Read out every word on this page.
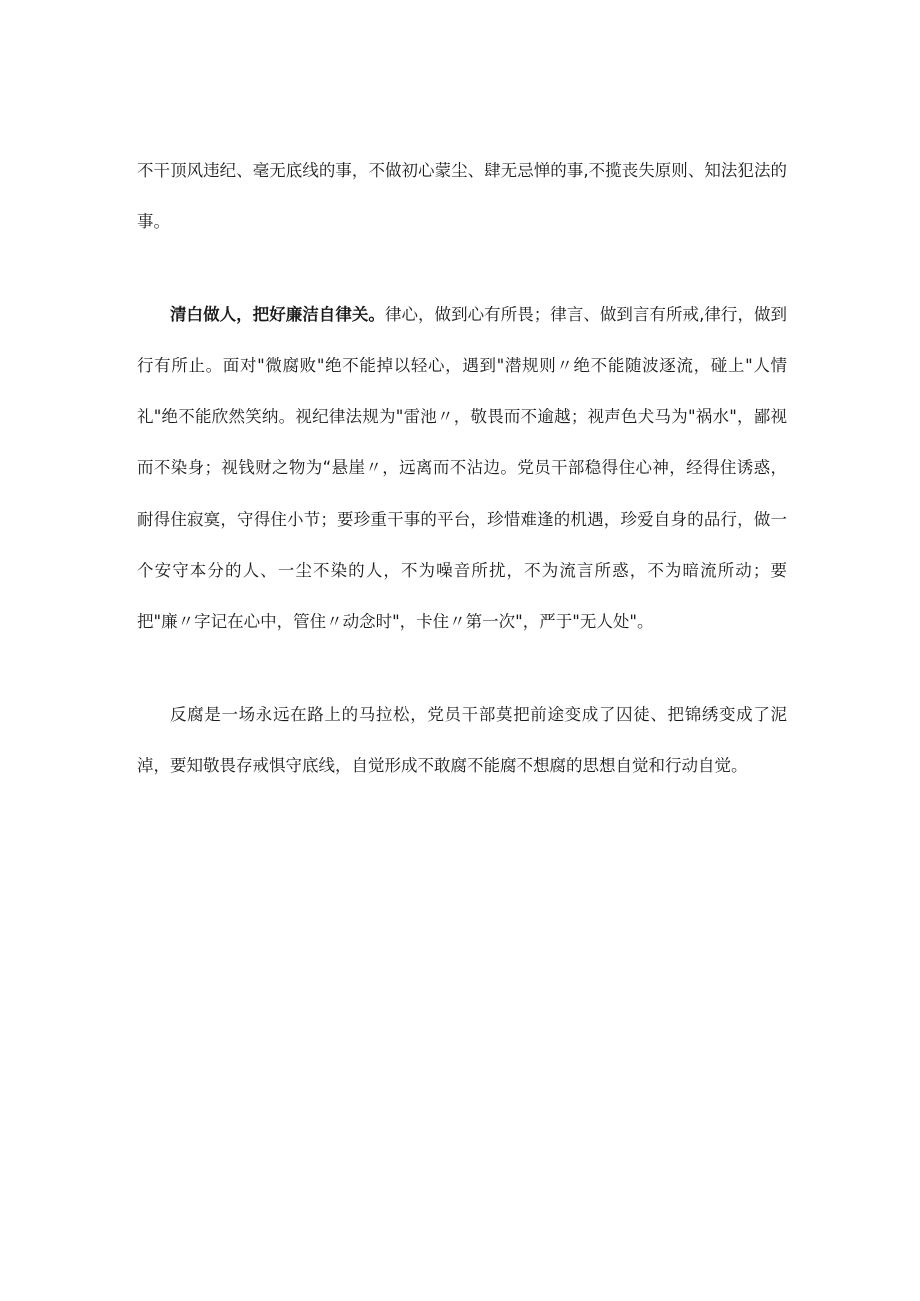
不干顶风违纪、毫无底线的事，不做初心蒙尘、肆无忌惮的事,不揽丧失原则、知法犯法的事。

清白做人，把好廉洁自律关。律心，做到心有所畏；律言、做到言有所戒,律行，做到行有所止。面对"微腐败"绝不能掉以轻心，遇到"潜规则〃绝不能随波逐流，碰上"人情礼"绝不能欣然笑纳。视纪律法规为"雷池〃，敬畏而不逾越；视声色犬马为"祸水"，鄙视而不染身；视钱财之物为“悬崖〃，远离而不沾边。党员干部稳得住心神，经得住诱惑，耐得住寂寞，守得住小节；要珍重干事的平台，珍惜难逢的机遇，珍爱自身的品行，做一个安守本分的人、一尘不染的人，不为噪音所扰，不为流言所惑，不为暗流所动；要把"廉〃字记在心中，管住〃动念时"，卡住〃第一次"，严于"无人处"。

反腐是一场永远在路上的马拉松，党员干部莫把前途变成了囚徒、把锦绣变成了泥淖，要知敬畏存戒惧守底线，自觉形成不敢腐不能腐不想腐的思想自觉和行动自觉。
